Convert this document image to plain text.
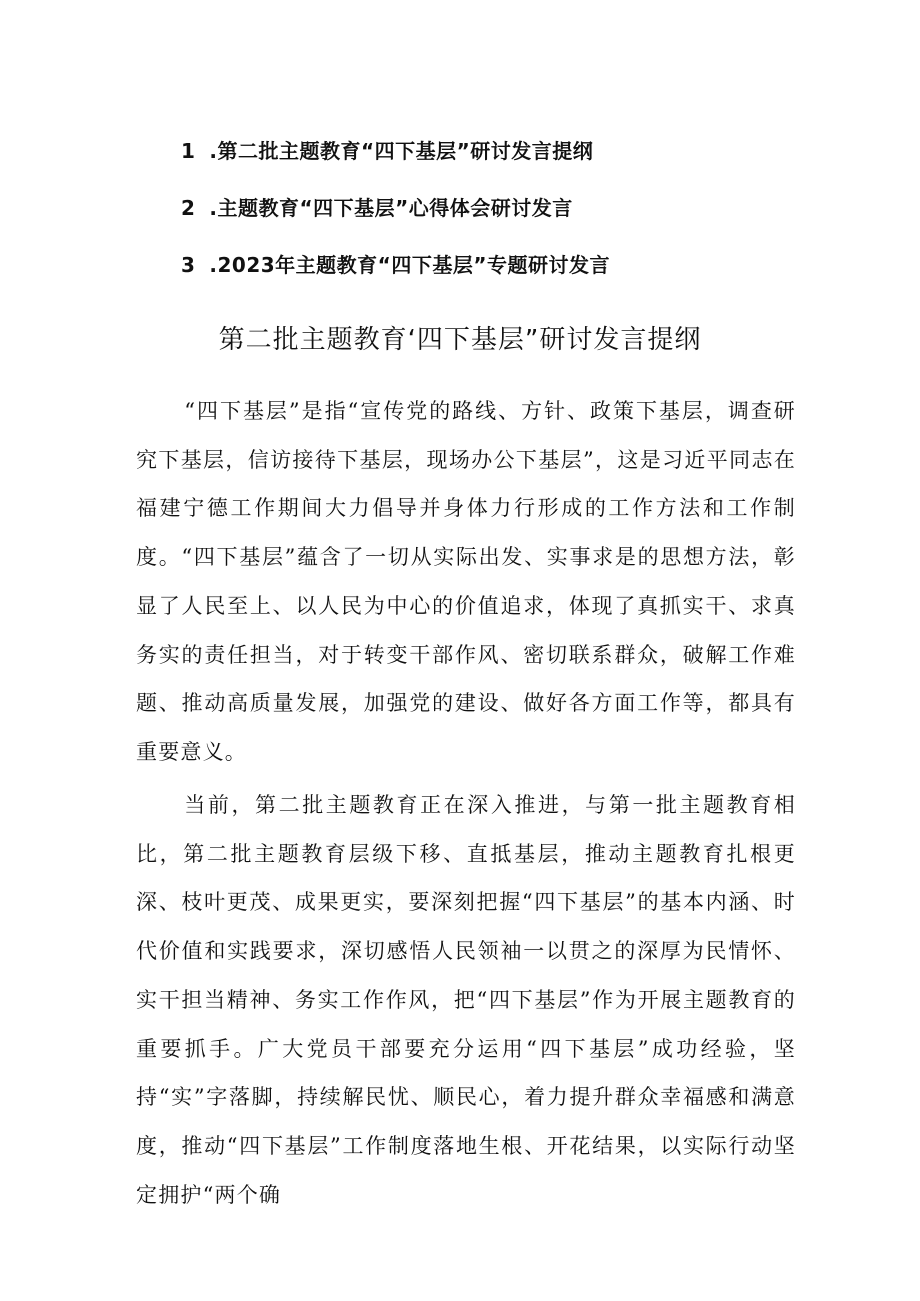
1 .第二批主题教育“四下基层”研讨发言提纲
2 .主题教育“四下基层”心得体会研讨发言
3 .2023年主题教育“四下基层”专题研讨发言
第二批主题教育‘四下基层”研讨发言提纲

“四下基层”是指“宣传党的路线、方针、政策下基层，调查研究下基层，信访接待下基层，现场办公下基层”，这是习近平同志在福建宁德工作期间大力倡导并身体力行形成的工作方法和工作制度。“四下基层”蕴含了一切从实际出发、实事求是的思想方法，彰显了人民至上、以人民为中心的价值追求，体现了真抓实干、求真务实的责任担当，对于转变干部作风、密切联系群众，破解工作难题、推动高质量发展，加强党的建设、做好各方面工作等，都具有重要意义。

当前，第二批主题教育正在深入推进，与第一批主题教育相比，第二批主题教育层级下移、直抵基层，推动主题教育扎根更深、枝叶更茂、成果更实，要深刻把握“四下基层”的基本内涵、时代价值和实践要求，深切感悟人民领袖一以贯之的深厚为民情怀、实干担当精神、务实工作作风，把“四下基层”作为开展主题教育的重要抓手。广大党员干部要充分运用“四下基层”成功经验，坚持“实”字落脚，持续解民忧、顺民心，着力提升群众幸福感和满意度，推动“四下基层”工作制度落地生根、开花结果，以实际行动坚定拥护“两个确
